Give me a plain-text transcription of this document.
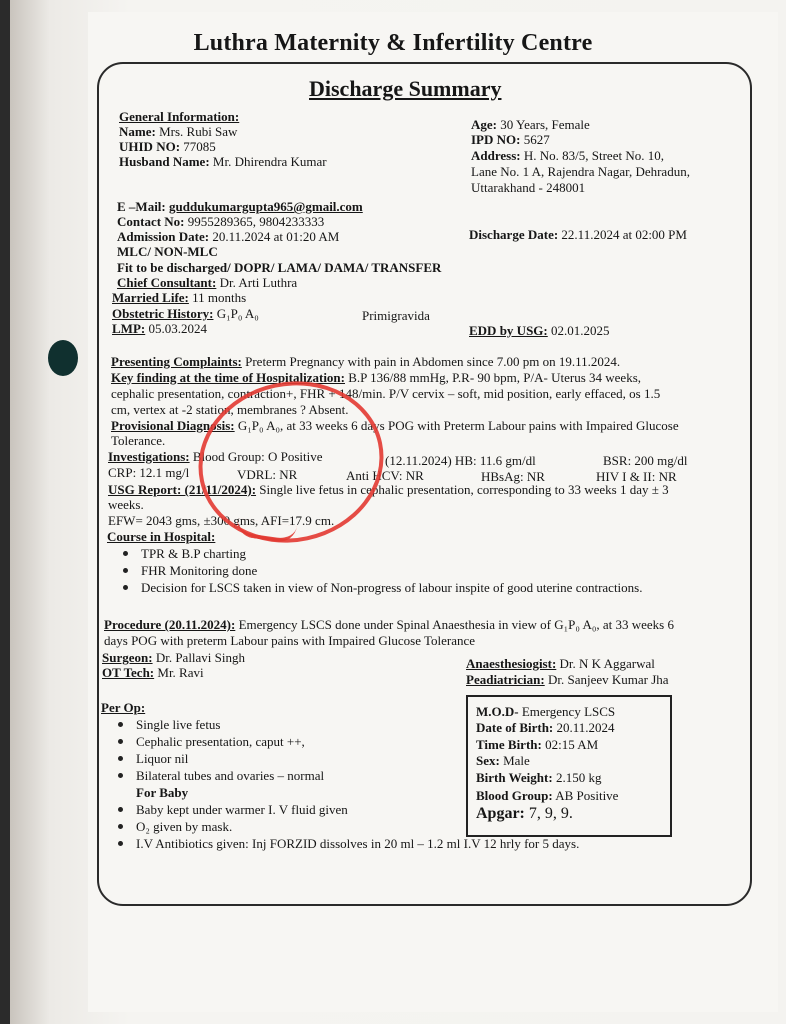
Luthra Maternity & Infertility Centre
Discharge Summary
General Information:
Name: Mrs. Rubi Saw
UHID NO: 77085
Husband Name: Mr. Dhirendra Kumar
Age: 30 Years, Female
IPD NO: 5627
Address: H. No. 83/5, Street No. 10,
Lane No. 1 A, Rajendra Nagar, Dehradun,
Uttarakhand - 248001
E –Mail: guddukumargupta965@gmail.com
Contact No: 9955289365, 9804233333
Admission Date: 20.11.2024 at 01:20 AM	Discharge Date: 22.11.2024 at 02:00 PM
MLC/ NON-MLC
Fit to be discharged/ DOPR/ LAMA/ DAMA/ TRANSFER
Chief Consultant: Dr. Arti Luthra
Married Life: 11 months
Obstetric History: G₁P₀ A₀	Primigravida
LMP: 05.03.2024	EDD by USG: 02.01.2025
Presenting Complaints: Preterm Pregnancy with pain in Abdomen since 7.00 pm on 19.11.2024.
Key finding at the time of Hospitalization: B.P 136/88 mmHg, P.R- 90 bpm, P/A- Uterus 34 weeks,
cephalic presentation, contraction+, FHR + 148/min. P/V cervix – soft, mid position, early effaced, os 1.5
cm, vertex at -2 station, membranes ? Absent.
Provisional Diagnosis: G₁P₀ A₀, at 33 weeks 6 days POG with Preterm Labour pains with Impaired Glucose
Tolerance.
Investigations: Blood Group: O Positive	(12.11.2024) HB: 11.6 gm/dl	BSR: 200 mg/dl
CRP: 12.1 mg/l	VDRL: NR	Anti HCV: NR	HBsAg: NR	HIV I & II: NR
USG Report: (21/11/2024): Single live fetus in cephalic presentation, corresponding to 33 weeks 1 day ± 3
weeks.
EFW= 2043 gms, ±300 gms, AFI=17.9 cm.
Course in Hospital:
TPR & B.P charting
FHR Monitoring done
Decision for LSCS taken in view of Non-progress of labour inspite of good uterine contractions.
Procedure (20.11.2024): Emergency LSCS done under Spinal Anaesthesia in view of G₁P₀ A₀, at 33 weeks 6
days POG with preterm Labour pains with Impaired Glucose Tolerance
Surgeon: Dr. Pallavi Singh
OT Tech: Mr. Ravi
Anaesthesiogist: Dr. N K Aggarwal
Peadiatrician: Dr. Sanjeev Kumar Jha
Per Op:
Single live fetus
Cephalic presentation, caput ++,
Liquor nil
Bilateral tubes and ovaries – normal
For Baby
Baby kept under warmer I. V fluid given
O₂ given by mask.
I.V Antibiotics given: Inj FORZID dissolves in 20 ml – 1.2 ml I.V 12 hrly for 5 days.
M.O.D- Emergency LSCS
Date of Birth: 20.11.2024
Time Birth: 02:15 AM
Sex: Male
Birth Weight: 2.150 kg
Blood Group: AB Positive
Apgar: 7, 9, 9.
